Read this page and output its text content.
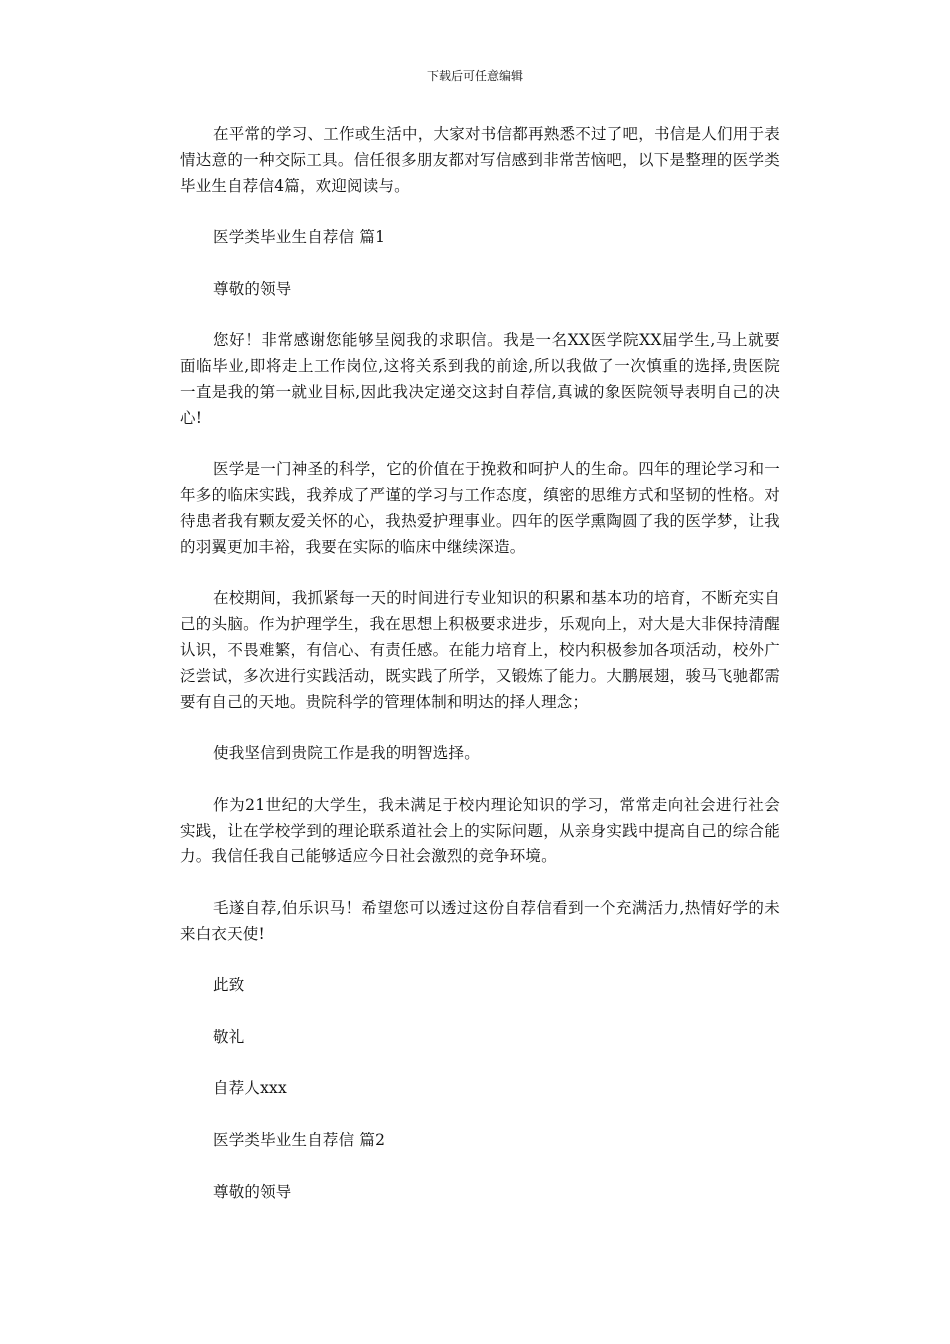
下载后可任意编辑

在平常的学习、工作或生活中，大家对书信都再熟悉不过了吧，书信是人们用于表情达意的一种交际工具。信任很多朋友都对写信感到非常苦恼吧，以下是整理的医学类毕业生自荐信4篇，欢迎阅读与。

医学类毕业生自荐信 篇1

尊敬的领导

您好！非常感谢您能够呈阅我的求职信。我是一名XX医学院XX届学生,马上就要面临毕业,即将走上工作岗位,这将关系到我的前途,所以我做了一次慎重的选择,贵医院一直是我的第一就业目标,因此我决定递交这封自荐信,真诚的象医院领导表明自己的决心!

医学是一门神圣的科学，它的价值在于挽救和呵护人的生命。四年的理论学习和一年多的临床实践，我养成了严谨的学习与工作态度，缜密的思维方式和坚韧的性格。对待患者我有颗友爱关怀的心，我热爱护理事业。四年的医学熏陶圆了我的医学梦，让我的羽翼更加丰裕，我要在实际的临床中继续深造。

在校期间，我抓紧每一天的时间进行专业知识的积累和基本功的培育，不断充实自己的头脑。作为护理学生，我在思想上积极要求进步，乐观向上，对大是大非保持清醒认识，不畏难繁，有信心、有责任感。在能力培育上，校内积极参加各项活动，校外广泛尝试，多次进行实践活动，既实践了所学，又锻炼了能力。大鹏展翅，骏马飞驰都需要有自己的天地。贵院科学的管理体制和明达的择人理念；

使我坚信到贵院工作是我的明智选择。

作为21世纪的大学生，我未满足于校内理论知识的学习，常常走向社会进行社会实践，让在学校学到的理论联系道社会上的实际问题，从亲身实践中提高自己的综合能力。我信任我自己能够适应今日社会激烈的竞争环境。

毛遂自荐,伯乐识马！希望您可以透过这份自荐信看到一个充满活力,热情好学的未来白衣天使!

此致

敬礼

自荐人xxx

医学类毕业生自荐信 篇2

尊敬的领导
